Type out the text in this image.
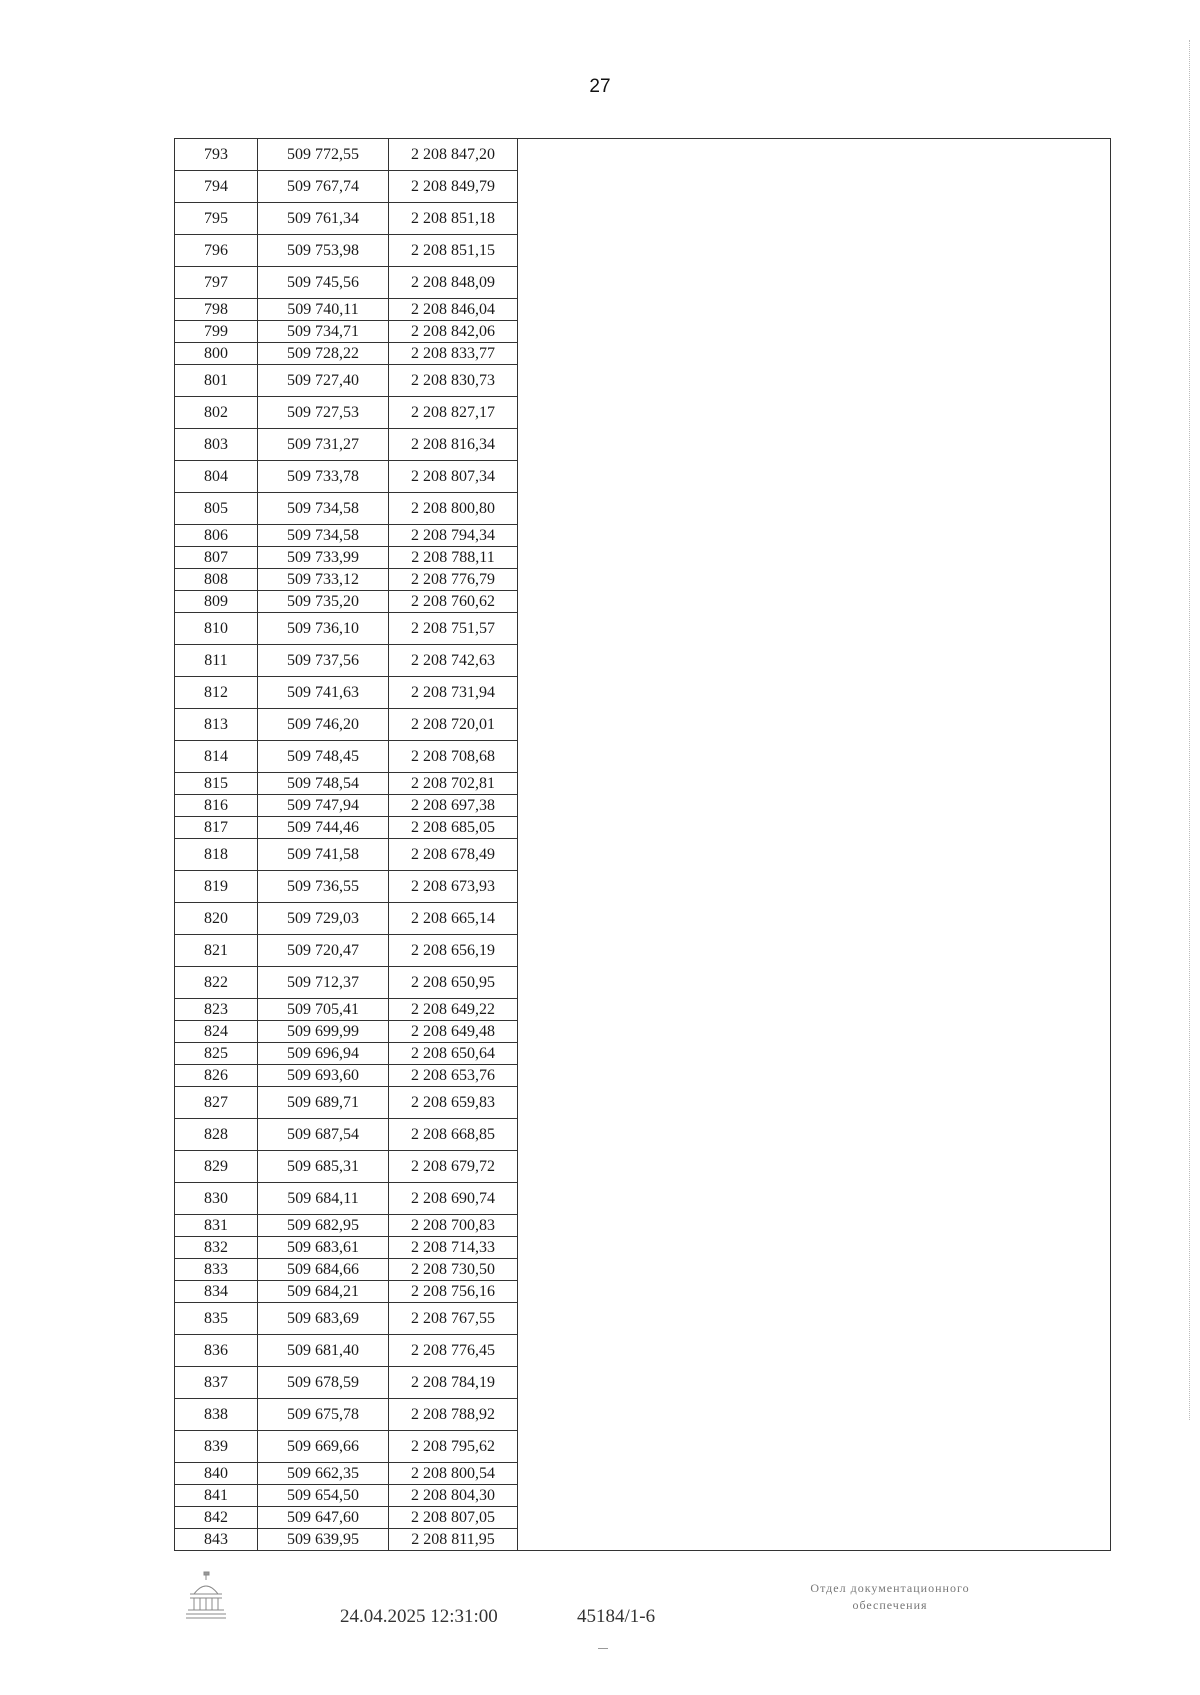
27
793	509 772,55	2 208 847,20	
794	509 767,74	2 208 849,79	
795	509 761,34	2 208 851,18	
796	509 753,98	2 208 851,15	
797	509 745,56	2 208 848,09	
798	509 740,11	2 208 846,04	
799	509 734,71	2 208 842,06	
800	509 728,22	2 208 833,77	
801	509 727,40	2 208 830,73	
802	509 727,53	2 208 827,17	
803	509 731,27	2 208 816,34	
804	509 733,78	2 208 807,34	
805	509 734,58	2 208 800,80	
806	509 734,58	2 208 794,34	
807	509 733,99	2 208 788,11	
808	509 733,12	2 208 776,79	
809	509 735,20	2 208 760,62	
810	509 736,10	2 208 751,57	
811	509 737,56	2 208 742,63	
812	509 741,63	2 208 731,94	
813	509 746,20	2 208 720,01	
814	509 748,45	2 208 708,68	
815	509 748,54	2 208 702,81	
816	509 747,94	2 208 697,38	
817	509 744,46	2 208 685,05	
818	509 741,58	2 208 678,49	
819	509 736,55	2 208 673,93	
820	509 729,03	2 208 665,14	
821	509 720,47	2 208 656,19	
822	509 712,37	2 208 650,95	
823	509 705,41	2 208 649,22	
824	509 699,99	2 208 649,48	
825	509 696,94	2 208 650,64	
826	509 693,60	2 208 653,76	
827	509 689,71	2 208 659,83	
828	509 687,54	2 208 668,85	
829	509 685,31	2 208 679,72	
830	509 684,11	2 208 690,74	
831	509 682,95	2 208 700,83	
832	509 683,61	2 208 714,33	
833	509 684,66	2 208 730,50	
834	509 684,21	2 208 756,16	
835	509 683,69	2 208 767,55	
836	509 681,40	2 208 776,45	
837	509 678,59	2 208 784,19	
838	509 675,78	2 208 788,92	
839	509 669,66	2 208 795,62	
840	509 662,35	2 208 800,54	
841	509 654,50	2 208 804,30	
842	509 647,60	2 208 807,05	
843	509 639,95	2 208 811,95	
24.04.2025 12:31:00	45184/1-6
Отдел документационного
обеспечения
